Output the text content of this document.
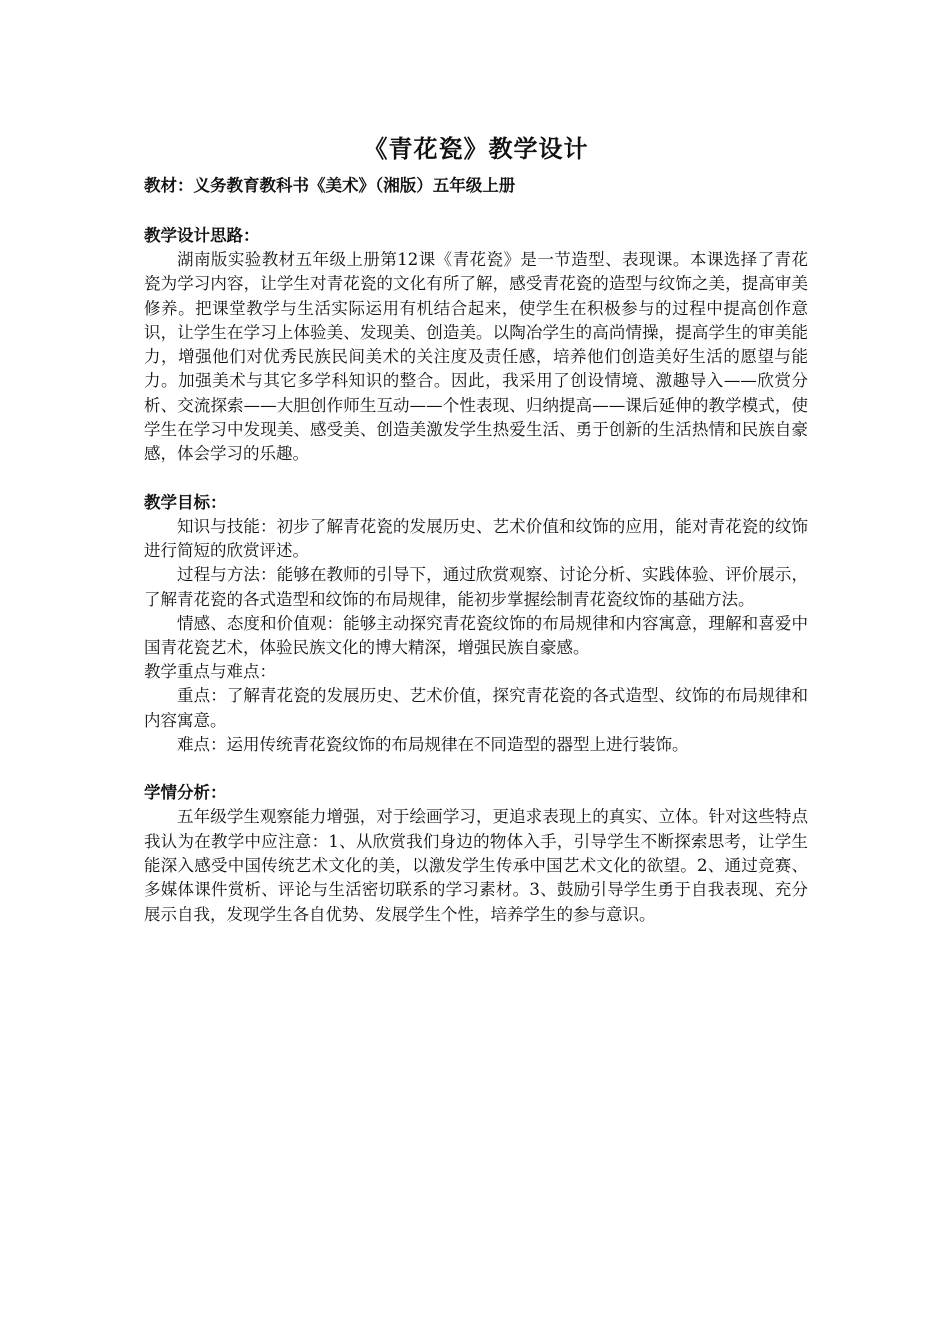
《青花瓷》教学设计

教材：义务教育教科书《美术》（湘版）五年级上册

教学设计思路：

湖南版实验教材五年级上册第12课《青花瓷》是一节造型、表现课。本课选择了青花瓷为学习内容，让学生对青花瓷的文化有所了解，感受青花瓷的造型与纹饰之美，提高审美修养。把课堂教学与生活实际运用有机结合起来，使学生在积极参与的过程中提高创作意识，让学生在学习上体验美、发现美、创造美。以陶冶学生的高尚情操，提高学生的审美能力，增强他们对优秀民族民间美术的关注度及责任感，培养他们创造美好生活的愿望与能力。加强美术与其它多学科知识的整合。因此，我采用了创设情境、激趣导入——欣赏分析、交流探索——大胆创作师生互动——个性表现、归纳提高——课后延伸的教学模式，使学生在学习中发现美、感受美、创造美激发学生热爱生活、勇于创新的生活热情和民族自豪感，体会学习的乐趣。

教学目标：

知识与技能：初步了解青花瓷的发展历史、艺术价值和纹饰的应用，能对青花瓷的纹饰进行简短的欣赏评述。

过程与方法：能够在教师的引导下，通过欣赏观察、讨论分析、实践体验、评价展示，了解青花瓷的各式造型和纹饰的布局规律，能初步掌握绘制青花瓷纹饰的基础方法。

情感、态度和价值观：能够主动探究青花瓷纹饰的布局规律和内容寓意，理解和喜爱中国青花瓷艺术，体验民族文化的博大精深，增强民族自豪感。

教学重点与难点：

重点：了解青花瓷的发展历史、艺术价值，探究青花瓷的各式造型、纹饰的布局规律和内容寓意。

难点：运用传统青花瓷纹饰的布局规律在不同造型的器型上进行装饰。

学情分析：

五年级学生观察能力增强，对于绘画学习，更追求表现上的真实、立体。针对这些特点我认为在教学中应注意：1、从欣赏我们身边的物体入手，引导学生不断探索思考，让学生能深入感受中国传统艺术文化的美，以激发学生传承中国艺术文化的欲望。2、通过竞赛、多媒体课件赏析、评论与生活密切联系的学习素材。3、鼓励引导学生勇于自我表现、充分展示自我，发现学生各自优势、发展学生个性，培养学生的参与意识。
